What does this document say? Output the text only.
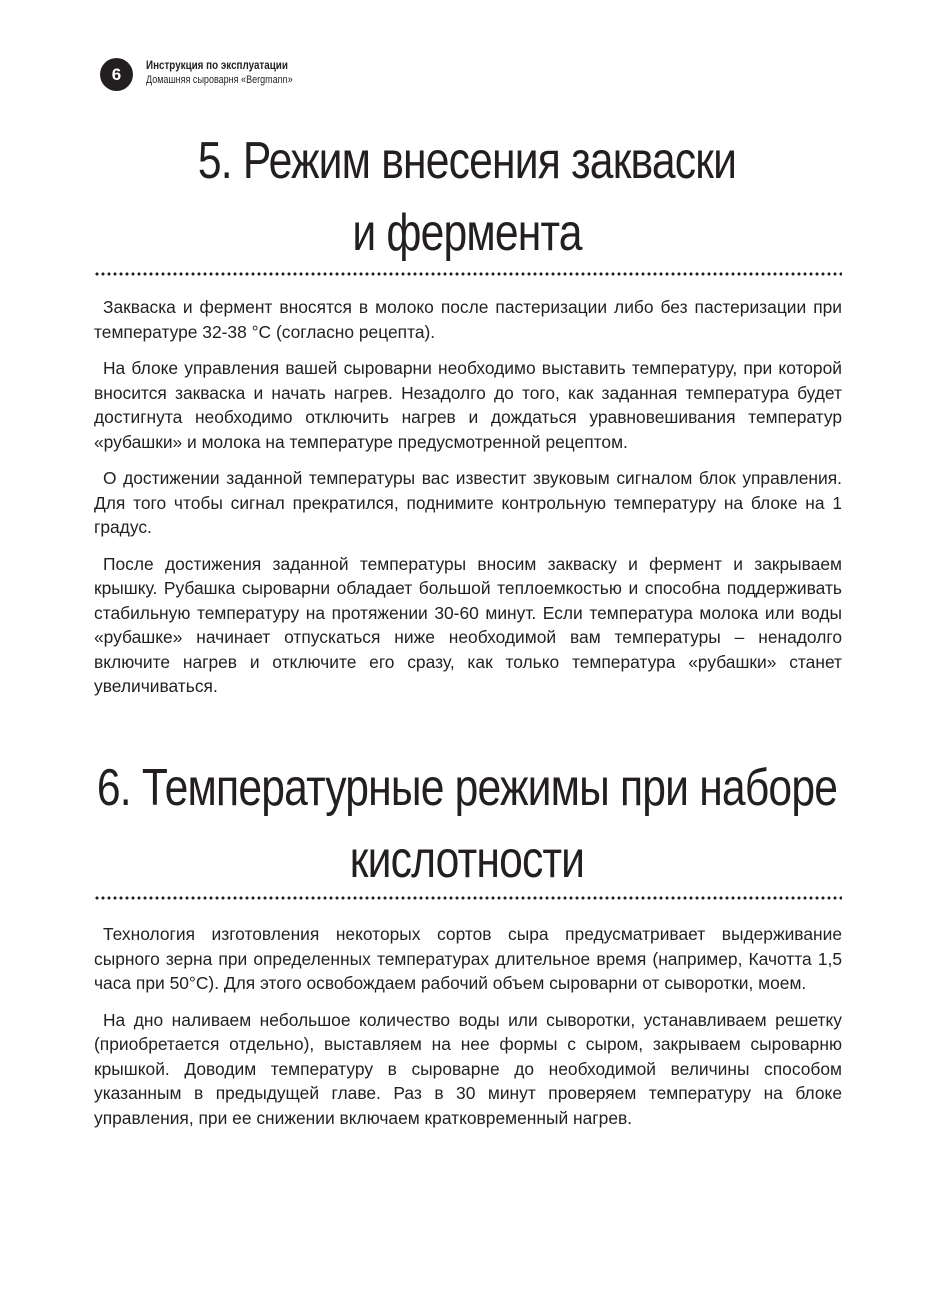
6	Инструкция по эксплуатации
Домашняя сыроварня «Bergmann»
5. Режим внесения закваски
и фермента

Закваска и фермент вносятся в молоко после пастеризации либо без пастеризации при температуре 32-38 °С (согласно рецепта).

На блоке управления вашей сыроварни необходимо выставить температуру, при которой вносится закваска и начать нагрев. Незадолго до того, как заданная температура будет достигнута необходимо отключить нагрев и дождаться уравновешивания температур «рубашки» и молока на температуре предусмотренной рецептом.

О достижении заданной температуры вас известит звуковым сигналом блок управления. Для того чтобы сигнал прекратился, поднимите контрольную температуру на блоке на 1 градус.

После достижения заданной температуры вносим закваску и фермент и закрываем крышку. Рубашка сыроварни обладает большой теплоемкостью и способна поддерживать стабильную температуру на протяжении 30-60 минут. Если температура молока или воды «рубашке» начинает отпускаться ниже необходимой вам температуры – ненадолго включите нагрев и отключите его сразу, как только температура «рубашки» станет увеличиваться.

6. Температурные режимы при наборе
кислотности

Технология изготовления некоторых сортов сыра предусматривает выдерживание сырного зерна при определенных температурах длительное время (например, Качотта 1,5 часа при 50°С). Для этого освобождаем рабочий объем сыроварни от сыворотки, моем.

На дно наливаем небольшое количество воды или сыворотки, устанавливаем решетку (приобретается отдельно), выставляем на нее формы с сыром, закрываем сыроварню крышкой. Доводим температуру в сыроварне до необходимой величины способом указанным в предыдущей главе. Раз в 30 минут проверяем температуру на блоке управления, при ее снижении включаем кратковременный нагрев.
